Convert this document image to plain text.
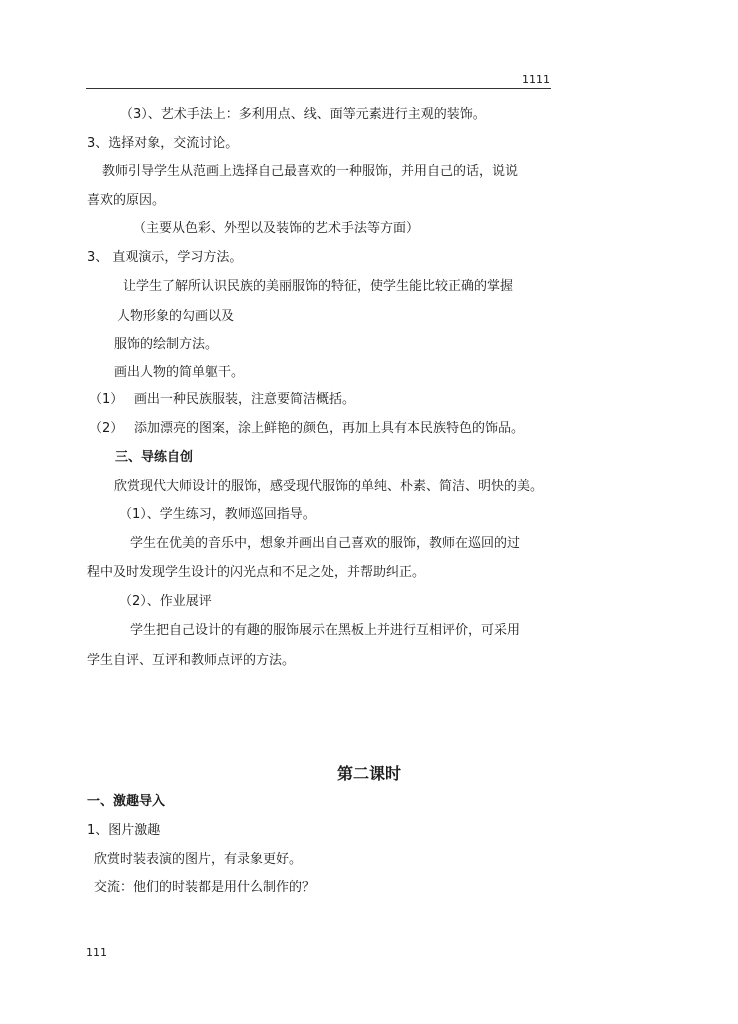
1111
（3）、艺术手法上：多利用点、线、面等元素进行主观的装饰。
3、选择对象，交流讨论。
教师引导学生从范画上选择自己最喜欢的一种服饰，并用自己的话，说说
喜欢的原因。
（主要从色彩、外型以及装饰的艺术手法等方面）
3、 直观演示，学习方法。
让学生了解所认识民族的美丽服饰的特征，使学生能比较正确的掌握
人物形象的勾画以及
服饰的绘制方法。
画出人物的简单躯干。
（1） 画出一种民族服装，注意要简洁概括。
（2） 添加漂亮的图案，涂上鲜艳的颜色，再加上具有本民族特色的饰品。
三、导练自创
欣赏现代大师设计的服饰，感受现代服饰的单纯、朴素、简洁、明快的美。
（1）、学生练习，教师巡回指导。
学生在优美的音乐中，想象并画出自己喜欢的服饰，教师在巡回的过
程中及时发现学生设计的闪光点和不足之处，并帮助纠正。
（2）、作业展评
学生把自己设计的有趣的服饰展示在黑板上并进行互相评价，可采用
学生自评、互评和教师点评的方法。
第二课时
一、激趣导入
1、图片激趣
欣赏时装表演的图片，有录象更好。
交流：他们的时装都是用什么制作的？
111
